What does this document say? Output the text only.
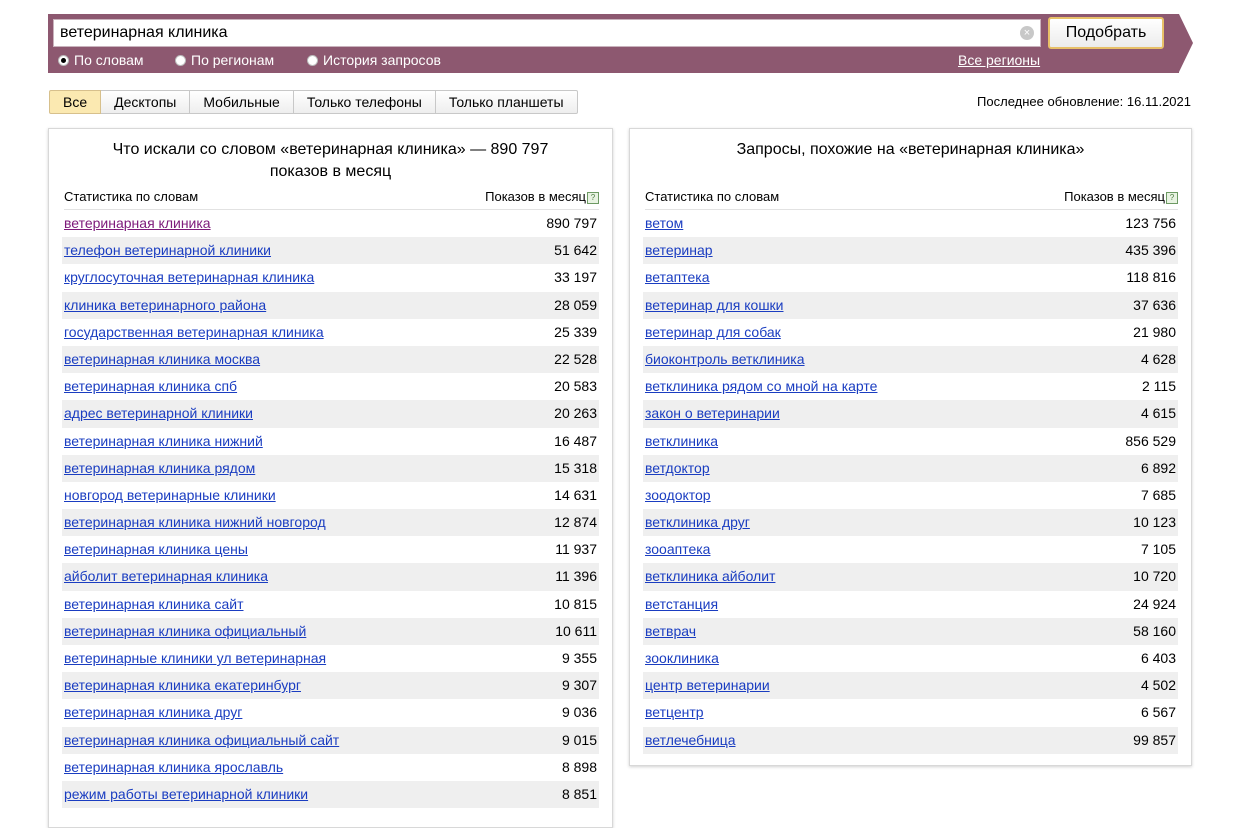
ветеринарная клиника
×	Подобрать
По словам	По регионам	История запросов	Все регионы
Все	Десктопы	Мобильные	Только телефоны	Только планшеты	Последнее обновление: 16.11.2021
Что искали со словом «ветеринарная клиника» — 890 797 показов в месяц
Статистика по словам	Показов в месяц ?
ветеринарная клиника	890 797
телефон ветеринарной клиники	51 642
круглосуточная ветеринарная клиника	33 197
клиника ветеринарного района	28 059
государственная ветеринарная клиника	25 339
ветеринарная клиника москва	22 528
ветеринарная клиника спб	20 583
адрес ветеринарной клиники	20 263
ветеринарная клиника нижний	16 487
ветеринарная клиника рядом	15 318
новгород ветеринарные клиники	14 631
ветеринарная клиника нижний новгород	12 874
ветеринарная клиника цены	11 937
айболит ветеринарная клиника	11 396
ветеринарная клиника сайт	10 815
ветеринарная клиника официальный	10 611
ветеринарные клиники ул ветеринарная	9 355
ветеринарная клиника екатеринбург	9 307
ветеринарная клиника друг	9 036
ветеринарная клиника официальный сайт	9 015
ветеринарная клиника ярославль	8 898
режим работы ветеринарной клиники	8 851
Запросы, похожие на «ветеринарная клиника»
Статистика по словам	Показов в месяц ?
ветом	123 756
ветеринар	435 396
ветаптека	118 816
ветеринар для кошки	37 636
ветеринар для собак	21 980
биоконтроль ветклиника	4 628
ветклиника рядом со мной на карте	2 115
закон о ветеринарии	4 615
ветклиника	856 529
ветдоктор	6 892
зоодоктор	7 685
ветклиника друг	10 123
зооаптека	7 105
ветклиника айболит	10 720
ветстанция	24 924
ветврач	58 160
зооклиника	6 403
центр ветеринарии	4 502
ветцентр	6 567
ветлечебница	99 857
